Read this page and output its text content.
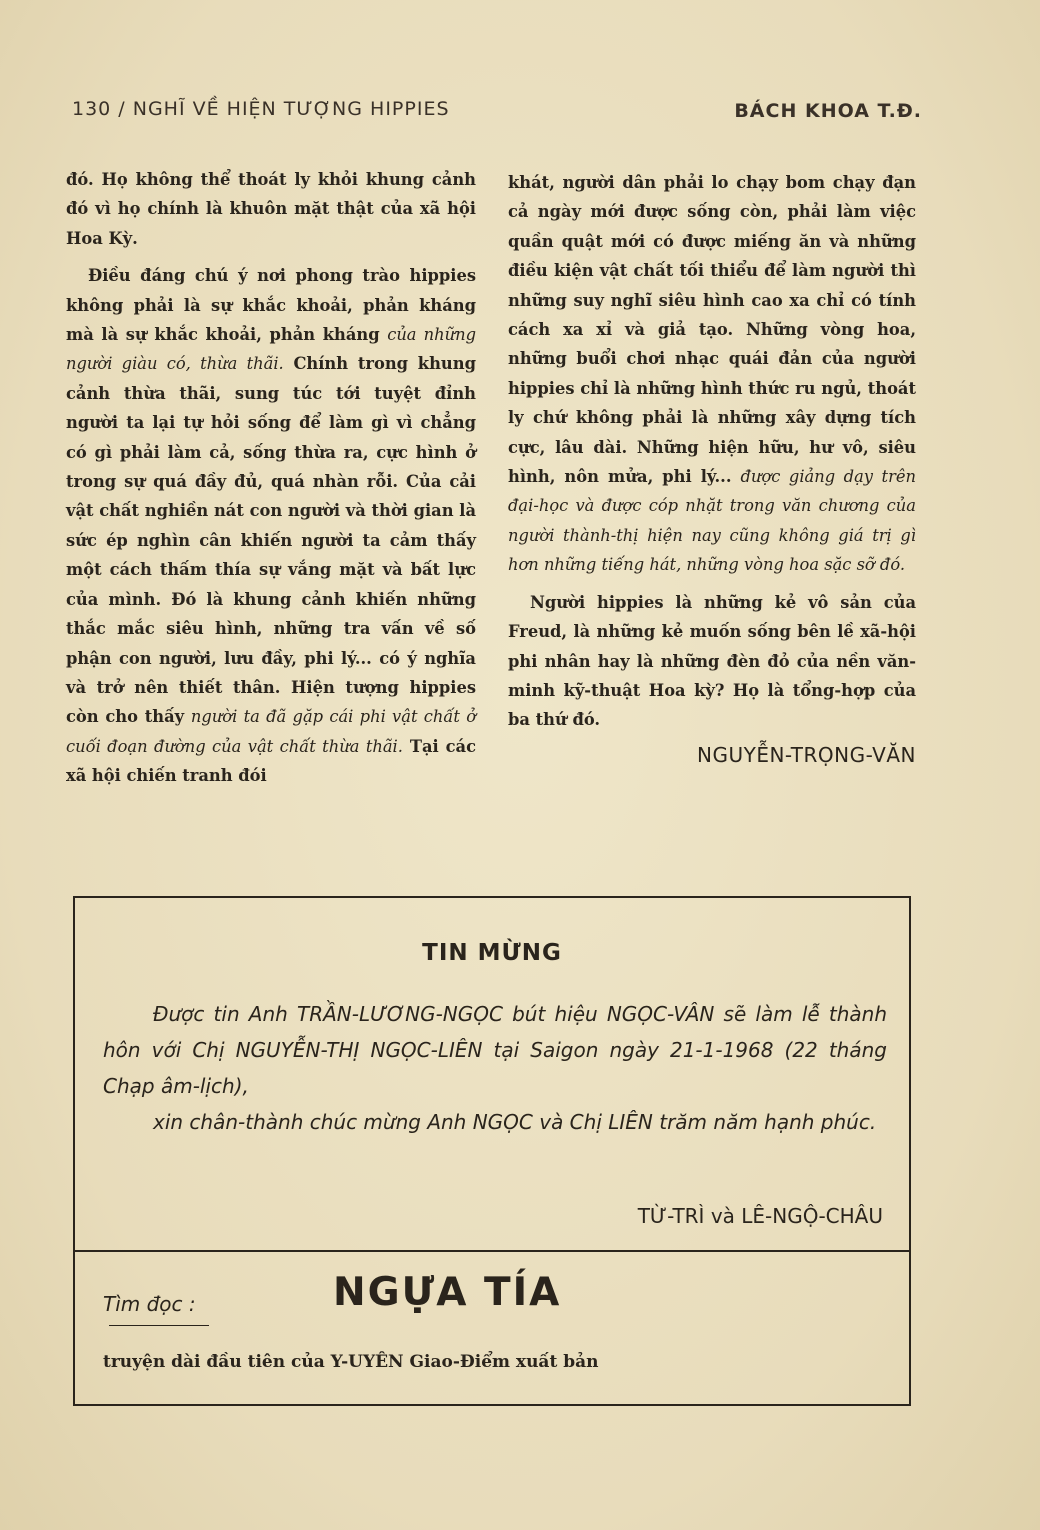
130 / NGHĨ VỀ HIỆN TƯỢNG HIPPIES	BÁCH KHOA T.Đ.

đó. Họ không thể thoát ly khỏi khung cảnh đó vì họ chính là khuôn mặt thật của xã hội Hoa Kỳ.

Điều đáng chú ý nơi phong trào hippies không phải là sự khắc khoải, phản kháng mà là sự khắc khoải, phản kháng của những người giàu có, thừa thãi. Chính trong khung cảnh thừa thãi, sung túc tới tuyệt đỉnh người ta lại tự hỏi sống để làm gì vì chẳng có gì phải làm cả, sống thừa ra, cực hình ở trong sự quá đầy đủ, quá nhàn rỗi. Của cải vật chất nghiền nát con người và thời gian là sức ép nghìn cân khiến người ta cảm thấy một cách thấm thía sự vắng mặt và bất lực của mình. Đó là khung cảnh khiến những thắc mắc siêu hình, những tra vấn về số phận con người, lưu đầy, phi lý... có ý nghĩa và trở nên thiết thân. Hiện tượng hippies còn cho thấy người ta đã gặp cái phi vật chất ở cuối đoạn đường của vật chất thừa thãi. Tại các xã hội chiến tranh đói

khát, người dân phải lo chạy bom chạy đạn cả ngày mới được sống còn, phải làm việc quần quật mới có được miếng ăn và những điều kiện vật chất tối thiểu để làm người thì những suy nghĩ siêu hình cao xa chỉ có tính cách xa xỉ và giả tạo. Những vòng hoa, những buổi chơi nhạc quái đản của người hippies chỉ là những hình thức ru ngủ, thoát ly chứ không phải là những xây dựng tích cực, lâu dài. Những hiện hữu, hư vô, siêu hình, nôn mửa, phi lý... được giảng dạy trên đại-học và được cóp nhặt trong văn chương của người thành-thị hiện nay cũng không giá trị gì hơn những tiếng hát, những vòng hoa sặc sỡ đó.

Người hippies là những kẻ vô sản của Freud, là những kẻ muốn sống bên lề xã-hội phi nhân hay là những đèn đỏ của nền văn-minh kỹ-thuật Hoa kỳ? Họ là tổng-hợp của ba thứ đó.

NGUYỄN-TRỌNG-VĂN
TIN MỪNG

Được tin Anh TRẦN-LƯƠNG-NGỌC bút hiệu NGỌC-VÂN sẽ làm lễ thành hôn với Chị NGUYỄN-THỊ NGỌC-LIÊN tại Saigon ngày 21-1-1968 (22 tháng Chạp âm-lịch),

xin chân-thành chúc mừng Anh NGỌC và Chị LIÊN trăm năm hạnh phúc.

TỪ-TRÌ và LÊ-NGỘ-CHÂU
Tìm đọc :	NGỰA TÍA
truyện dài đầu tiên của Y-UYÊN Giao-Điểm xuất bản
